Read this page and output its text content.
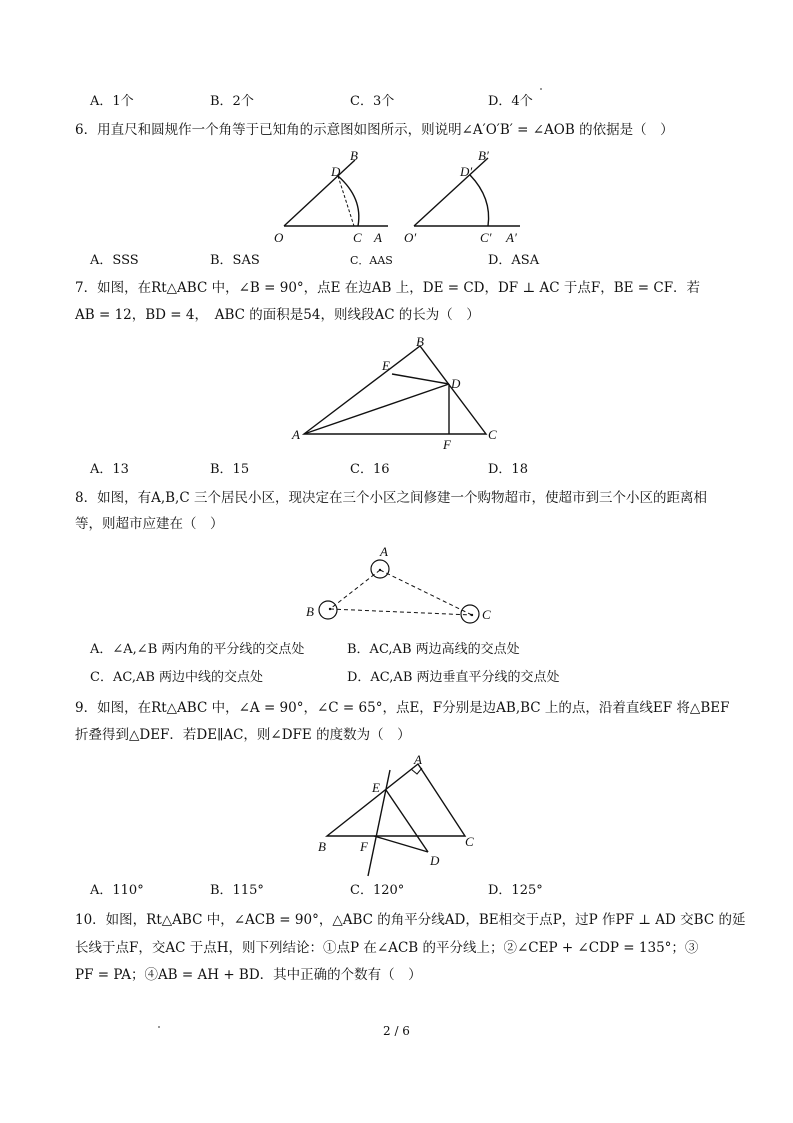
A．1个	B．2个	C．3个	D．4个
6．用直尺和圆规作一个角等于已知角的示意图如图所示，则说明∠A′O′B′ = ∠AOB 的依据是（　）
B
D
O	C A
B′
D′
O′	C′ A′
A．SSS	B．SAS	C．AAS	D．ASA
7．如图，在Rt△ABC 中，∠B = 90°，点E 在边AB 上，DE = CD，DF ⊥ AC 于点F，BE = CF．若
AB = 12，BD = 4，　ABC 的面积是54，则线段AC 的长为（　）
B
E
D
A
F
C
A．13	B．15	C．16	D．18
8．如图，有A,B,C 三个居民小区，现决定在三个小区之间修建一个购物超市，使超市到三个小区的距离相
等，则超市应建在（　）
A
B	C
A．∠A,∠B 两内角的平分线的交点处	B．AC,AB 两边高线的交点处
C．AC,AB 两边中线的交点处	D．AC,AB 两边垂直平分线的交点处
9．如图，在Rt△ABC 中，∠A = 90°，∠C = 65°，点E，F分别是边AB,BC 上的点，沿着直线EF 将△BEF
折叠得到△DEF．若DE∥AC，则∠DFE 的度数为（　）
A
E
B	F	C
D
A．110°	B．115°	C．120°	D．125°
10．如图，Rt△ABC 中，∠ACB = 90°，△ABC 的角平分线AD，BE相交于点P，过P 作PF ⊥ AD 交BC 的延
长线于点F，交AC 于点H，则下列结论：①点P 在∠ACB 的平分线上；②∠CEP + ∠CDP = 135°；③
PF = PA；④AB = AH + BD．其中正确的个数有（　）
2 / 6
